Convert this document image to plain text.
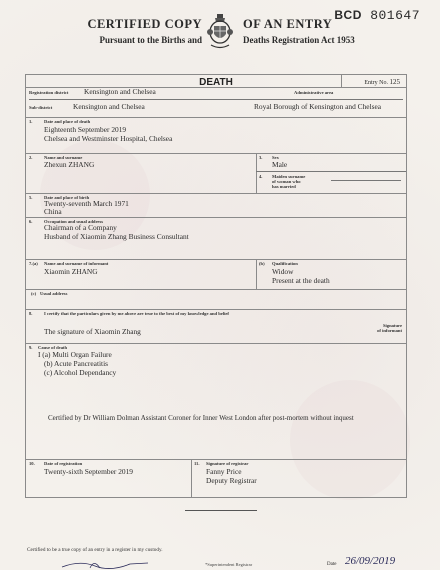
BCD 801647
CERTIFIED COPY
Pursuant to the Births and
OF AN ENTRY
Deaths Registration Act 1953
DEATH	Entry No. 125
Registration district Kensington and Chelsea	Administrative area
Sub-district	Kensington and Chelsea	Royal Borough of Kensington and Chelsea
1.	Date and place of death
Eighteenth September 2019
Chelsea and Westminster Hospital, Chelsea
2.	Name and surname
Zhexun ZHANG
3. Sex
Male
4. Maiden surname
of woman who
has married
5.	Date and place of birth
Twenty-seventh March 1971
China
6.	Occupation and usual address
Chairman of a Company
Husband of Xiaomin Zhang Business Consultant
7.(a) Name and surname of informant
Xiaomin ZHANG
(b) Qualification
Widow
Present at the death
(c) Usual address
8.	I certify that the particulars given by me above are true to the best of my knowledge and belief
The signature of Xiaomin Zhang
Signature
of informant
9. Cause of death
I (a) Multi Organ Failure
(b) Acute Pancreatitis
(c) Alcohol Dependancy
Certified by Dr William Dolman Assistant Coroner for Inner West London after post-mortem without inquest
10. Date of registration
Twenty-sixth September 2019
11. Signature of registrar
Fanny Price
Deputy Registrar
Certified to be a true copy of an entry in a register in my custody.
*Superintendent Registrar	Date 26/09/2019
